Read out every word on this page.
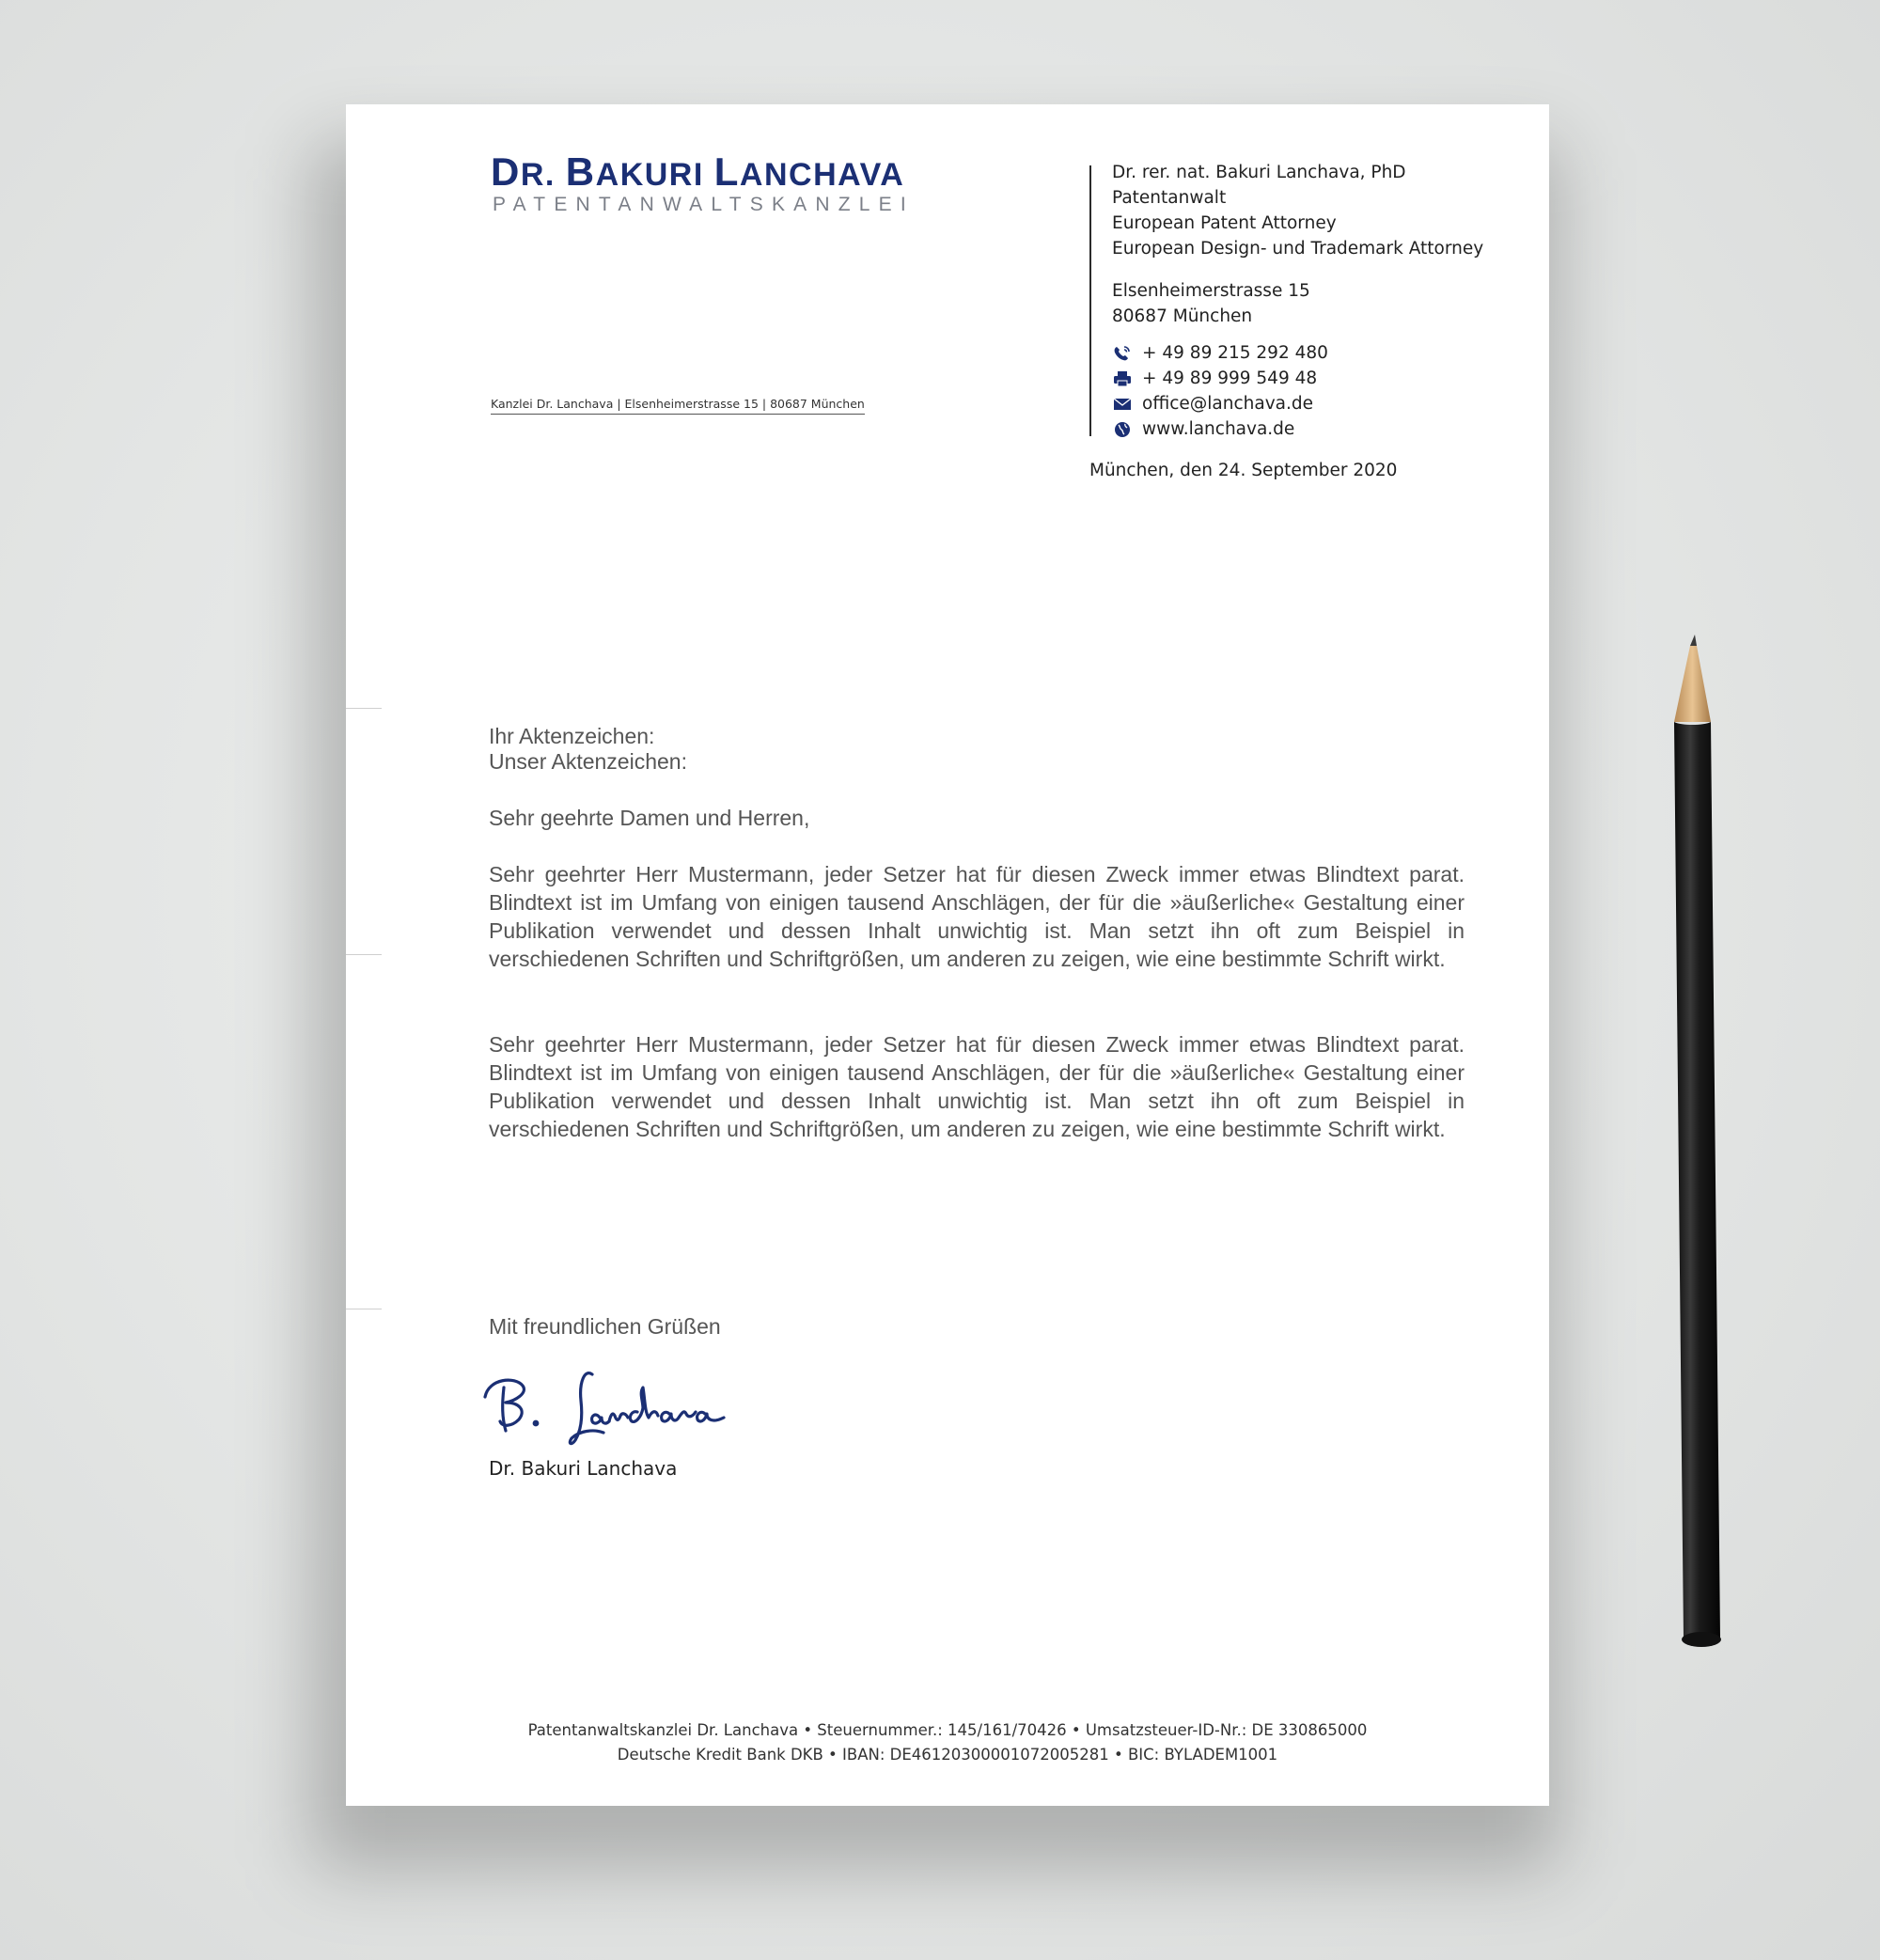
DR. BAKURI LANCHAVA
PATENTANWALTSKANZLEI
Dr. rer. nat. Bakuri Lanchava, PhD
Patentanwalt
European Patent Attorney
European Design- und Trademark Attorney
Elsenheimerstrasse 15
80687 München
+ 49 89 215 292 480
+ 49 89 999 549 48
office@lanchava.de
www.lanchava.de
München, den 24. September 2020
Kanzlei Dr. Lanchava | Elsenheimerstrasse 15 | 80687 München
Ihr Aktenzeichen:
Unser Aktenzeichen:
Sehr geehrte Damen und Herren,
Sehr geehrter Herr Mustermann, jeder Setzer hat für diesen Zweck immer etwas Blindtext parat. Blindtext ist im Umfang von einigen tausend Anschlägen, der für die »äußerliche« Gestaltung einer Publikation verwendet und dessen Inhalt unwichtig ist. Man setzt ihn oft zum Beispiel in verschiedenen Schriften und Schriftgrößen, um anderen zu zeigen, wie eine bestimmte Schrift wirkt.
Sehr geehrter Herr Mustermann, jeder Setzer hat für diesen Zweck immer etwas Blindtext parat. Blindtext ist im Umfang von einigen tausend Anschlägen, der für die »äußerliche« Gestaltung einer Publikation verwendet und dessen Inhalt unwichtig ist. Man setzt ihn oft zum Beispiel in verschiedenen Schriften und Schriftgrößen, um anderen zu zeigen, wie eine bestimmte Schrift wirkt.
Mit freundlichen Grüßen
B. Lanchava
Dr. Bakuri Lanchava
Patentanwaltskanzlei Dr. Lanchava • Steuernummer.: 145/161/70426 • Umsatzsteuer-ID-Nr.: DE 330865000
Deutsche Kredit Bank DKB • IBAN: DE46120300001072005281 • BIC: BYLADEM1001
